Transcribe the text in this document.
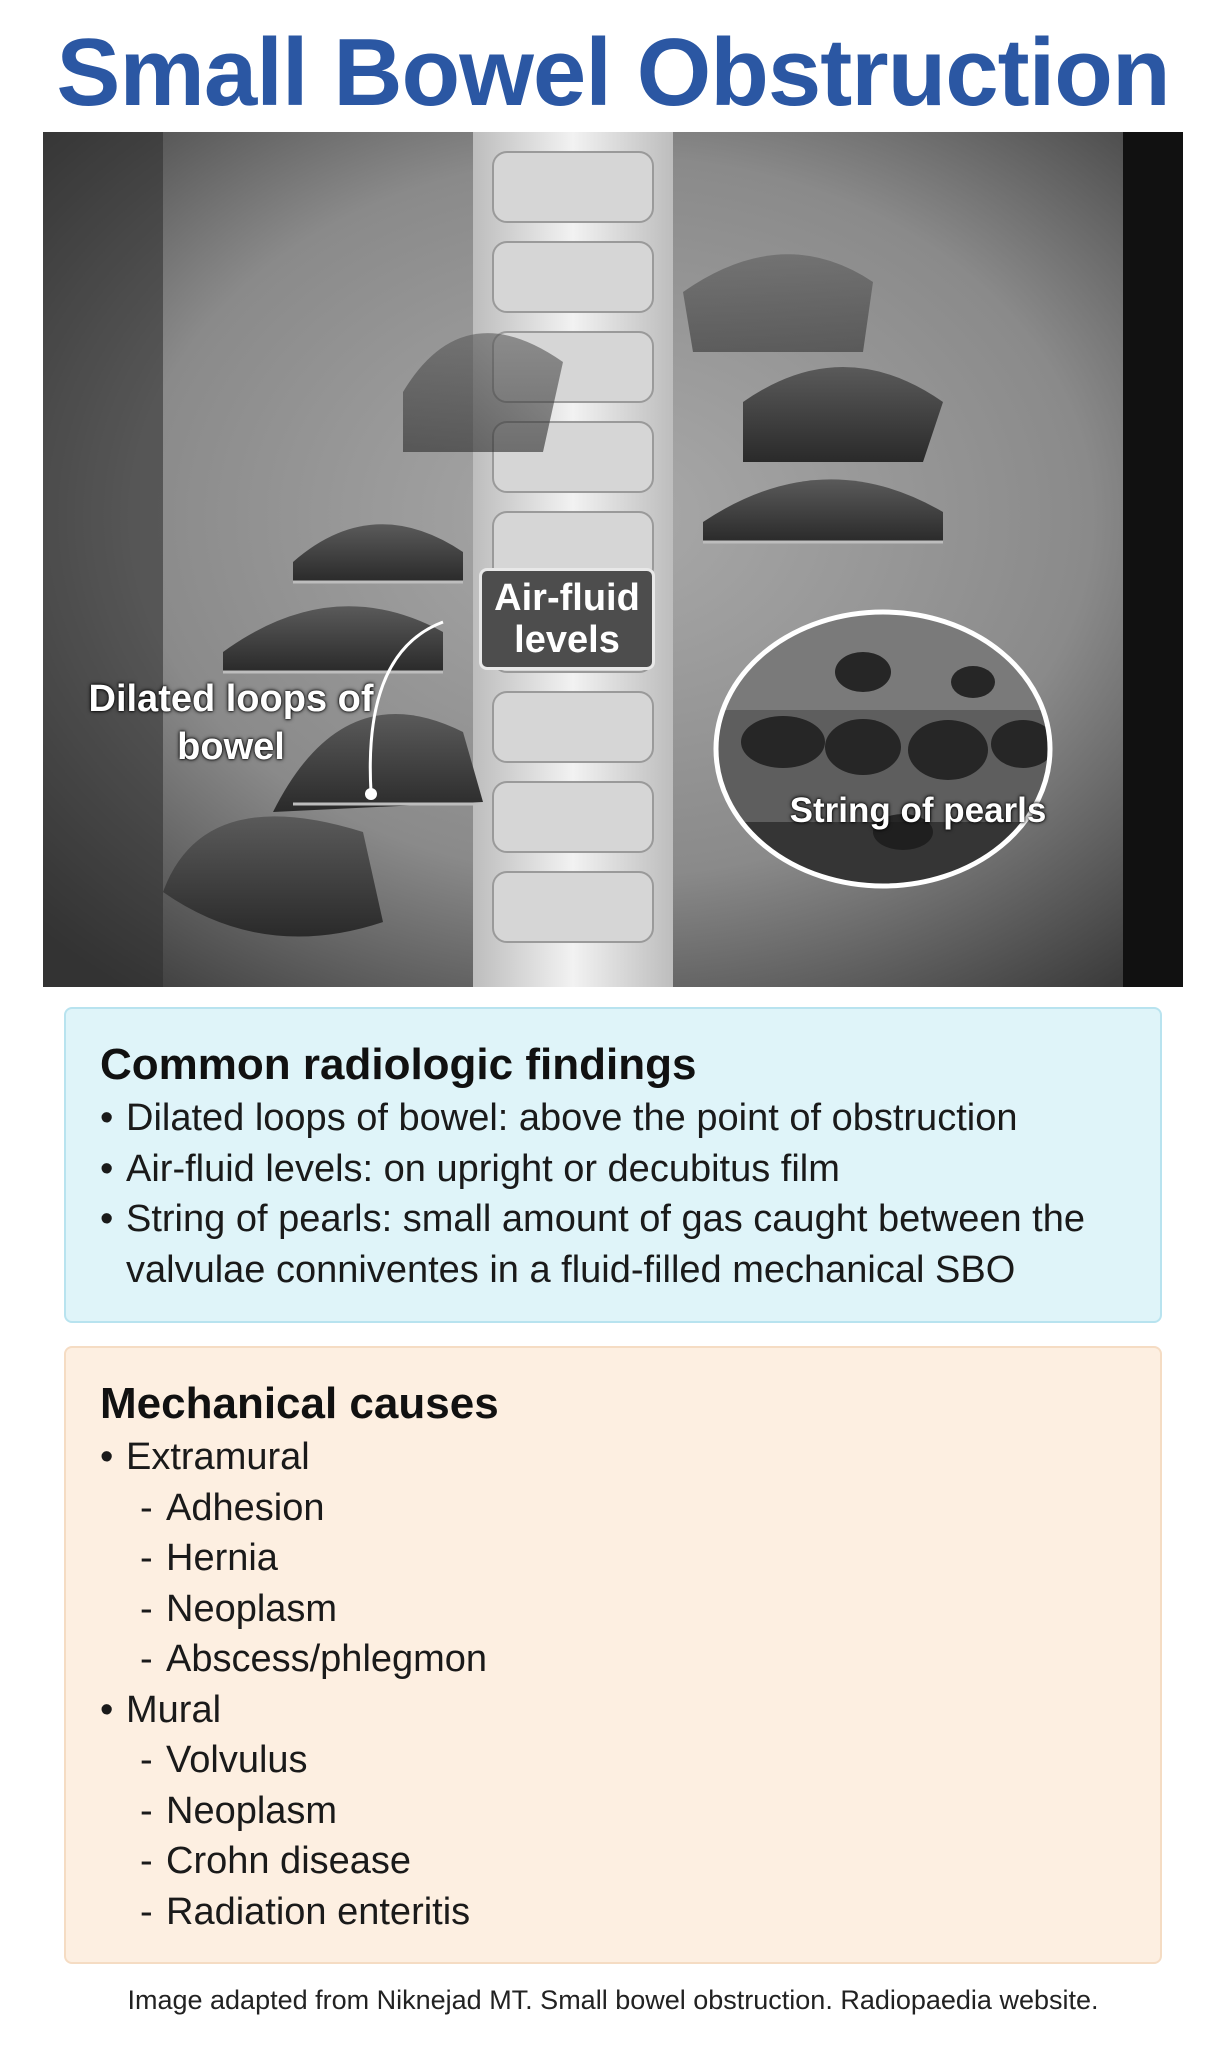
Small Bowel Obstruction
Dilated loops of bowel
Air-fluid levels
String of pearls
Common radiologic findings
• Dilated loops of bowel: above the point of obstruction
• Air-fluid levels: on upright or decubitus film
• String of pearls: small amount of gas caught between the valvulae conniventes in a fluid-filled mechanical SBO
Mechanical causes
• Extramural
- Adhesion
- Hernia
- Neoplasm
- Abscess/phlegmon
• Mural
- Volvulus
- Neoplasm
- Crohn disease
- Radiation enteritis
Image adapted from Niknejad MT. Small bowel obstruction. Radiopaedia website.
